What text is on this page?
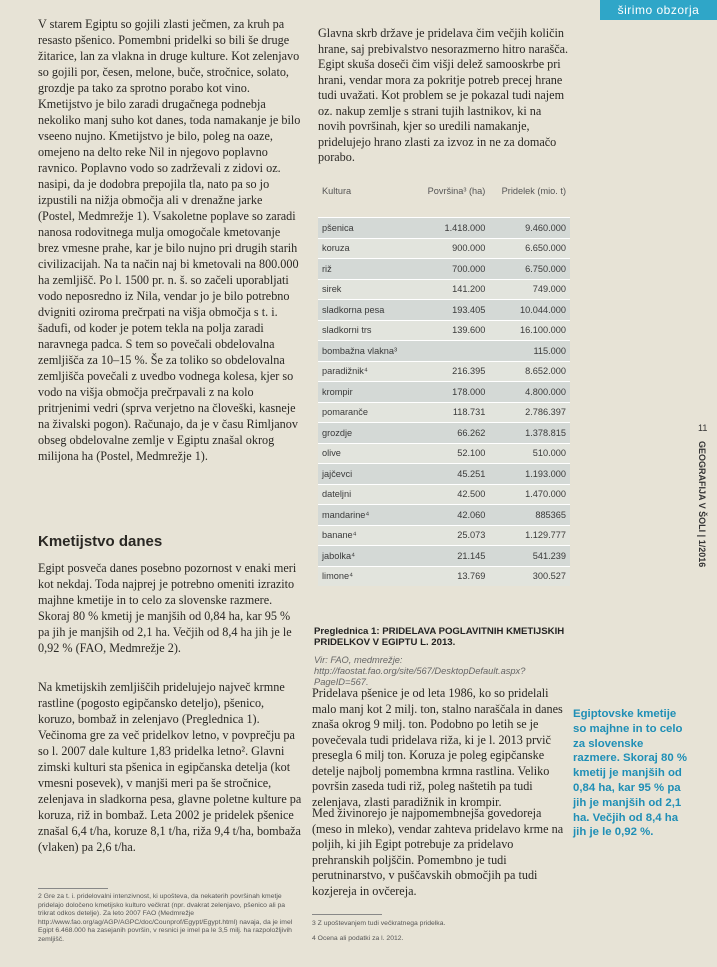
širimo obzorja

V starem Egiptu so gojili zlasti ječmen, za kruh pa resasto pšenico. Pomembni pridelki so bili še druge žitarice, lan za vlakna in druge kulture. Kot zelenjavo so gojili por, česen, melone, buče, stročnice, solato, grozdje pa tako za sprotno porabo kot vino. Kmetijstvo je bilo zaradi drugačnega podnebja nekoliko manj suho kot danes, toda namakanje je bilo vseeno nujno. Kmetijstvo je bilo, poleg na oaze, omejeno na delto reke Nil in njegovo poplavno ravnico. Poplavno vodo so zadrževali z zidovi oz. nasipi, da je dodobra prepojila tla, nato pa so jo izpustili na nižja območja ali v drenažne jarke (Postel, Medmrežje 1). Vsakoletne poplave so zaradi nanosa rodovitnega mulja omogočale kmetovanje brez vmesne prahe, kar je bilo nujno pri drugih starih civilizacijah. Na ta način naj bi kmetovali na 800.000 ha zemljišč. Po l. 1500 pr. n. š. so začeli uporabljati vodo neposredno iz Nila, vendar jo je bilo potrebno dvigniti oziroma prečrpati na višja območja s t. i. šadufi, od koder je potem tekla na polja zaradi naravnega padca. S tem so povečali obdelovalna zemljišča za 10–15 %. Še za toliko so obdelovalna zemljišča povečali z uvedbo vodnega kolesa, kjer so vodo na višja območja prečrpavali z na kolo pritrjenimi vedri (sprva verjetno na človeški, kasneje na živalski pogon). Računajo, da je v času Rimljanov obseg obdelovalne zemlje v Egiptu znašal okrog milijona ha (Postel, Medmrežje 1).

Kmetijstvo danes

Egipt posveča danes posebno pozornost v enaki meri kot nekdaj. Toda najprej je potrebno omeniti izrazito majhne kmetije in to celo za slovenske razmere. Skoraj 80 % kmetij je manjših od 0,84 ha, kar 95 % pa jih je manjših od 2,1 ha. Večjih od 8,4 ha jih je le 0,92 % (FAO, Medmrežje 2).

Na kmetijskih zemljiščih pridelujejo največ krmne rastline (pogosto egipčansko deteljo), pšenico, koruzo, bombaž in zelenjavo (Preglednica 1). Večinoma gre za več pridelkov letno, v povprečju pa so l. 2007 dale kulture 1,83 pridelka letno². Glavni zimski kulturi sta pšenica in egipčanska detelja (kot vmesni posevek), v manjši meri pa še stročnice, zelenjava in sladkorna pesa, glavne poletne kulture pa koruza, riž in bombaž. Leta 2002 je pridelek pšenice znašal 6,4 t/ha, koruze 8,1 t/ha, riža 9,4 t/ha, bombaža (vlaken) pa 2,6 t/ha.

Glavna skrb države je pridelava čim večjih količin hrane, saj prebivalstvo nesorazmerno hitro narašča. Egipt skuša doseči čim višji delež samooskrbe pri hrani, vendar mora za pokritje potreb precej hrane tudi uvažati. Kot problem se je pokazal tudi najem oz. nakup zemlje s strani tujih lastnikov, ki na novih površinah, kjer so uredili namakanje, pridelujejo hrano zlasti za izvoz in ne za domačo porabo.

Kultura	Površina³ (ha)	Pridelek (mio. t)
pšenica	1.418.000	9.460.000
koruza	900.000	6.650.000
riž	700.000	6.750.000
sirek	141.200	749.000
sladkorna pesa	193.405	10.044.000
sladkorni trs	139.600	16.100.000
bombažna vlakna³		115.000
paradižnik⁴	216.395	8.652.000
krompir	178.000	4.800.000
pomaranče	118.731	2.786.397
grozdje	66.262	1.378.815
olive	52.100	510.000
jajčevci	45.251	1.193.000
dateljni	42.500	1.470.000
mandarine⁴	42.060	885365
banane⁴	25.073	1.129.777
jabolka⁴	21.145	541.239
limone⁴	13.769	300.527
Preglednica 1: PRIDELAVA POGLAVITNIH KMETIJSKIH PRIDELKOV V EGIPTU L. 2013.
Vir: FAO, medmrežje: http://faostat.fao.org/site/567/DesktopDefault.aspx?PageID=567.

Pridelava pšenice je od leta 1986, ko so pridelali malo manj kot 2 milj. ton, stalno naraščala in danes znaša okrog 9 milj. ton. Podobno po letih se je povečevala tudi pridelava riža, ki je l. 2013 prvič presegla 6 milj ton. Koruza je poleg egipčanske detelje najbolj pomembna krmna rastlina. Veliko površin zaseda tudi riž, poleg naštetih pa tudi zelenjava, zlasti paradižnik in krompir.

Med živinorejo je najpomembnejša govedoreja (meso in mleko), vendar zahteva pridelavo krme na poljih, ki jih Egipt potrebuje za pridelavo prehranskih poljščin. Pomembno je tudi perutninarstvo, v puščavskih območjih pa tudi kozjereja in ovčereja.

Egiptovske kmetije so majhne in to celo za slovenske razmere. Skoraj 80 % kmetij je manjših od 0,84 ha, kar 95 % pa jih je manjših od 2,1 ha. Večjih od 8,4 ha jih je le 0,92 %.
2 Gre za t. i. pridelovalni intenzivnost, ki upošteva, da nekaterih površinah kmetje pridelajo določeno kmetijsko kulturo večkrat (npr. dvakrat zelenjavo, pšenico ali pa trikrat odkos detelje). Za leto 2007 FAO (Medmrežje http://www.fao.org/ag/AGP/AGPC/doc/Counprof/Egypt/Egypt.html) navaja, da je imel Egipt 6.468.000 ha zasejanih površin, v resnici je imel pa le 3,5 milj. ha razpoložljivih zemljišč.
3 Z upoštevanjem tudi večkratnega pridelka.
4 Ocena ali podatki za l. 2012.
11
GEOGRAFIJA V ŠOLI | 1/2016
